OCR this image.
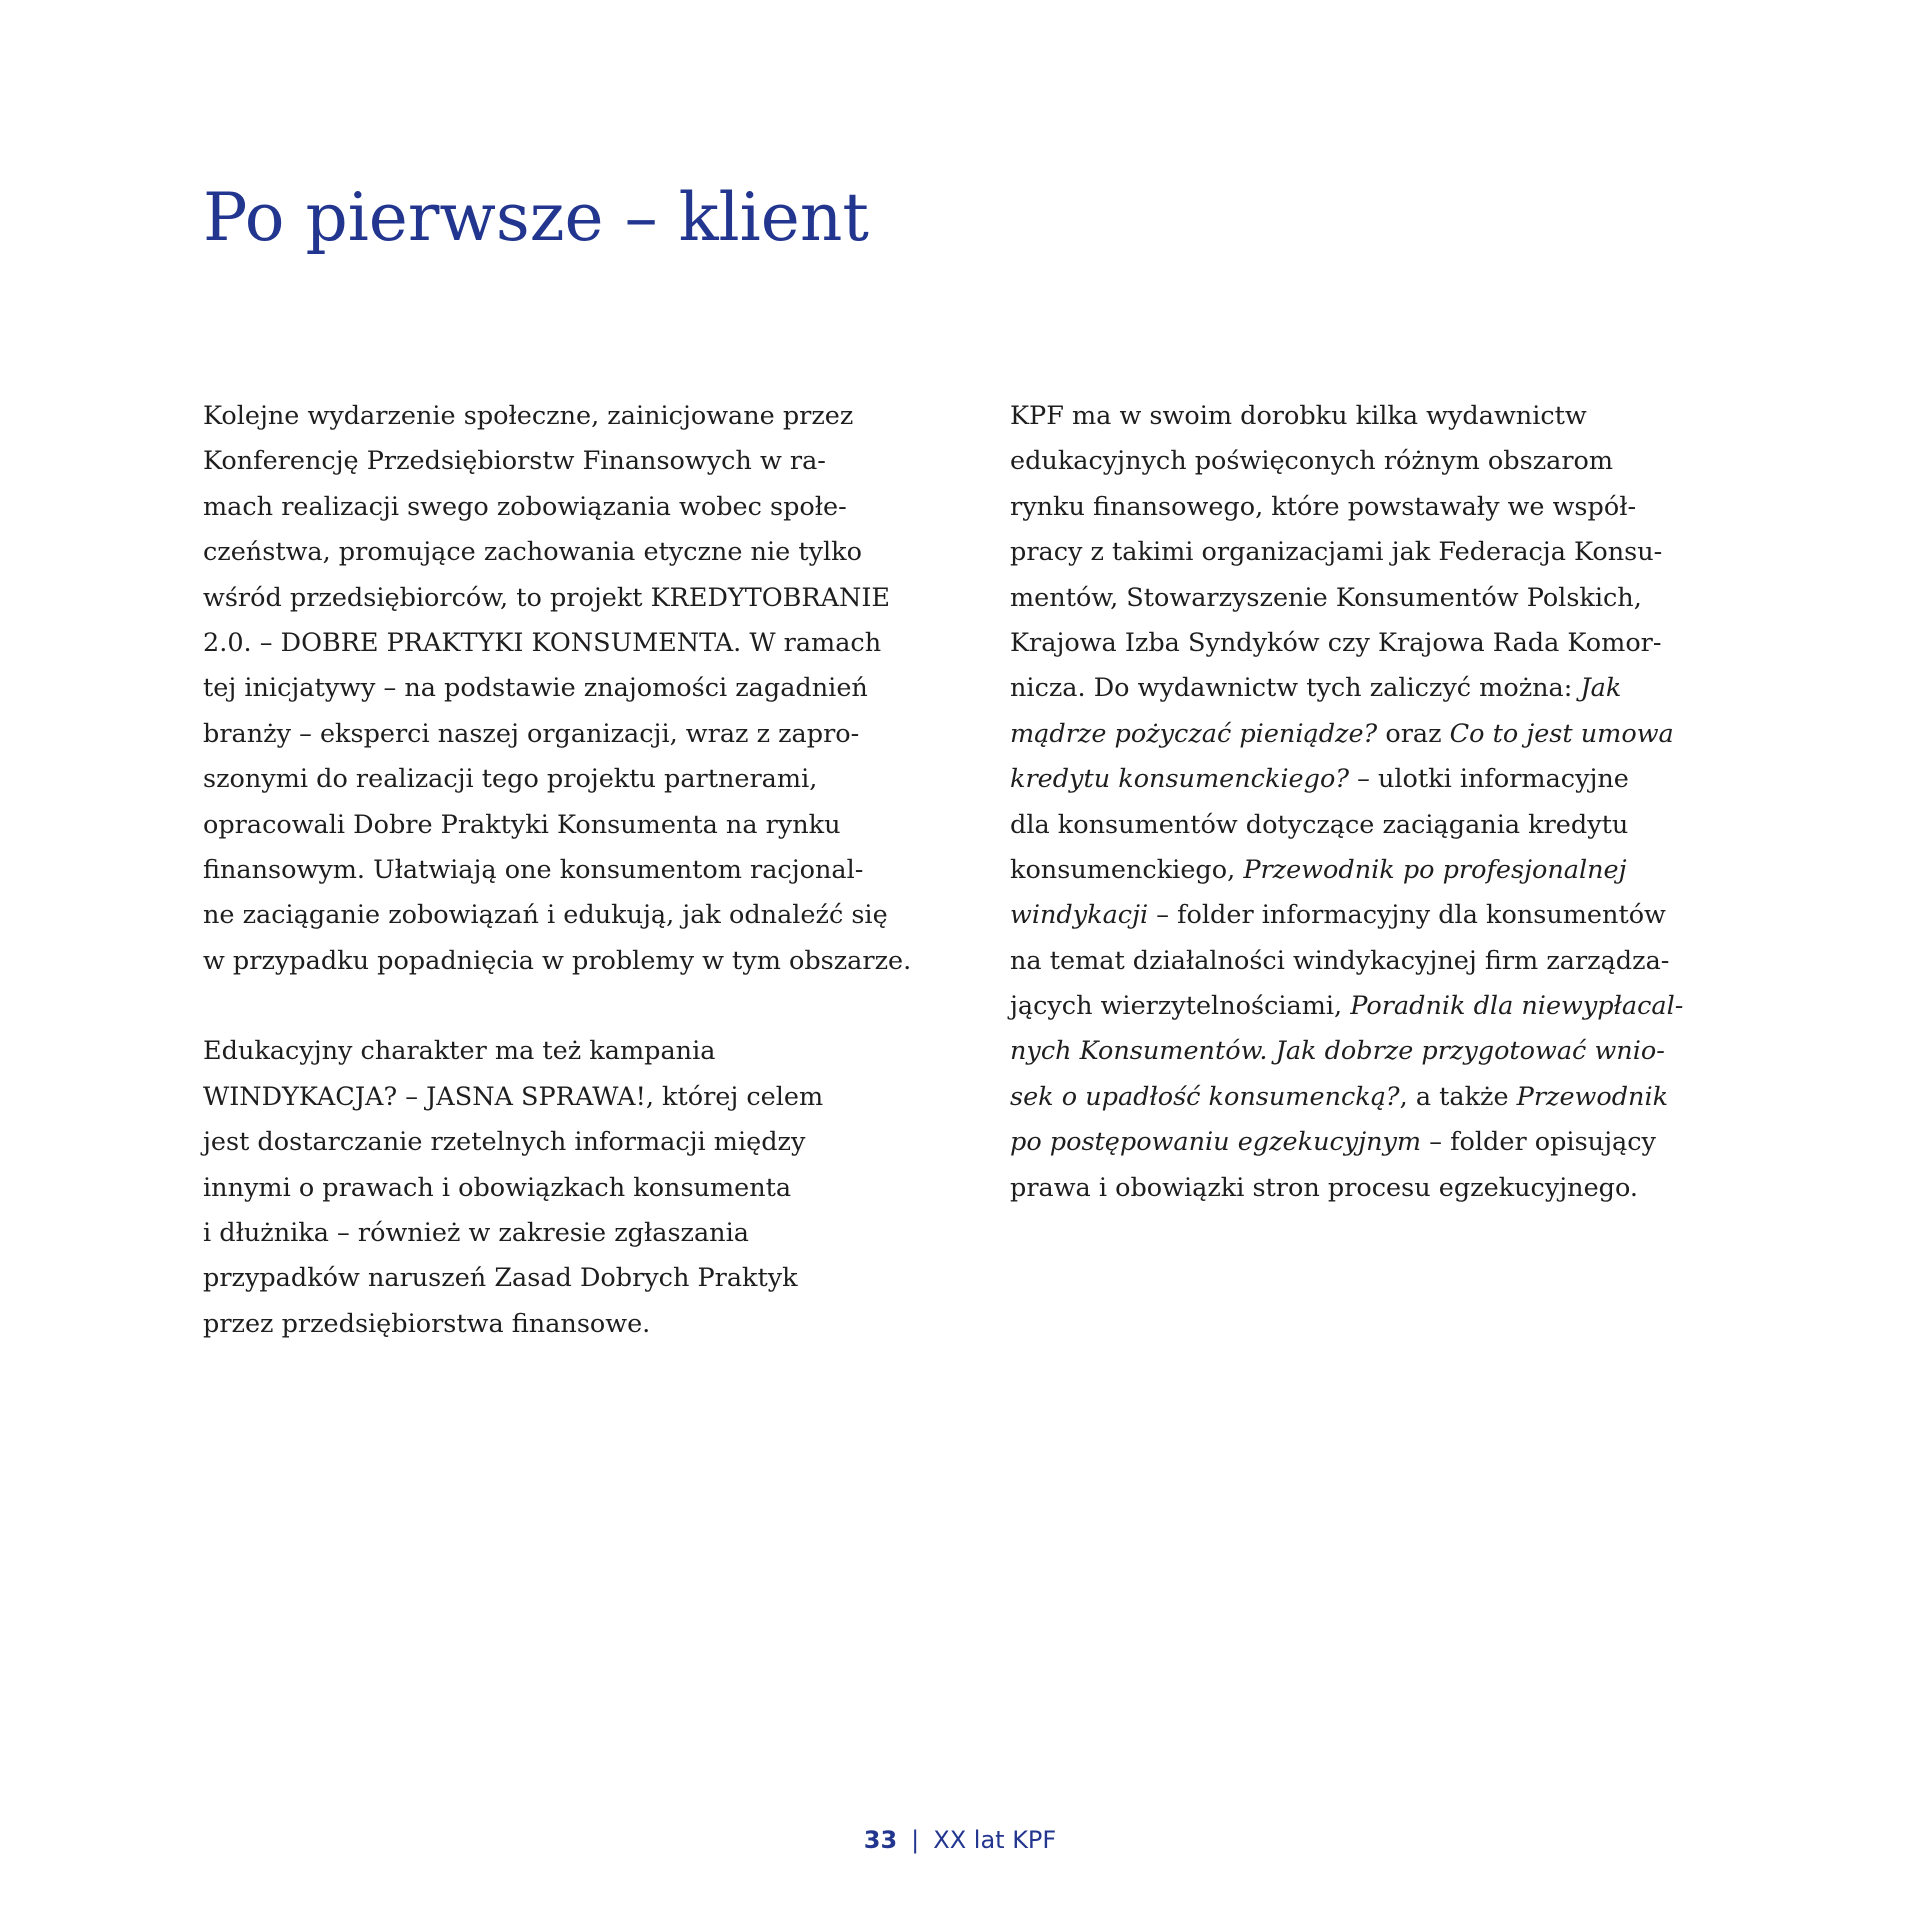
Po pierwsze – klient
Kolejne wydarzenie społeczne, zainicjowane przez
Konferencję Przedsiębiorstw Finansowych w ra-
mach realizacji swego zobowiązania wobec społe-
czeństwa, promujące zachowania etyczne nie tylko
wśród przedsiębiorców, to projekt KREDYTOBRANIE
2.0. – DOBRE PRAKTYKI KONSUMENTA. W ramach
tej inicjatywy – na podstawie znajomości zagadnień
branży – eksperci naszej organizacji, wraz z zapro-
szonymi do realizacji tego projektu partnerami,
opracowali Dobre Praktyki Konsumenta na rynku
finansowym. Ułatwiają one konsumentom racjonal-
ne zaciąganie zobowiązań i edukują, jak odnaleźć się
w przypadku popadnięcia w problemy w tym obszarze.
Edukacyjny charakter ma też kampania
WINDYKACJA? – JASNA SPRAWA!, której celem
jest dostarczanie rzetelnych informacji między
innymi o prawach i obowiązkach konsumenta
i dłużnika – również w zakresie zgłaszania
przypadków naruszeń Zasad Dobrych Praktyk
przez przedsiębiorstwa finansowe.
KPF ma w swoim dorobku kilka wydawnictw
edukacyjnych poświęconych różnym obszarom
rynku finansowego, które powstawały we współ-
pracy z takimi organizacjami jak Federacja Konsu-
mentów, Stowarzyszenie Konsumentów Polskich,
Krajowa Izba Syndyków czy Krajowa Rada Komor-
nicza. Do wydawnictw tych zaliczyć można: Jak
mądrze pożyczać pieniądze? oraz Co to jest umowa
kredytu konsumenckiego? – ulotki informacyjne
dla konsumentów dotyczące zaciągania kredytu
konsumenckiego, Przewodnik po profesjonalnej
windykacji – folder informacyjny dla konsumentów
na temat działalności windykacyjnej firm zarządza-
jących wierzytelnościami, Poradnik dla niewypłacal-
nych Konsumentów. Jak dobrze przygotować wnio-
sek o upadłość konsumencką?, a także Przewodnik
po postępowaniu egzekucyjnym – folder opisujący
prawa i obowiązki stron procesu egzekucyjnego.
33 | XX lat KPF
